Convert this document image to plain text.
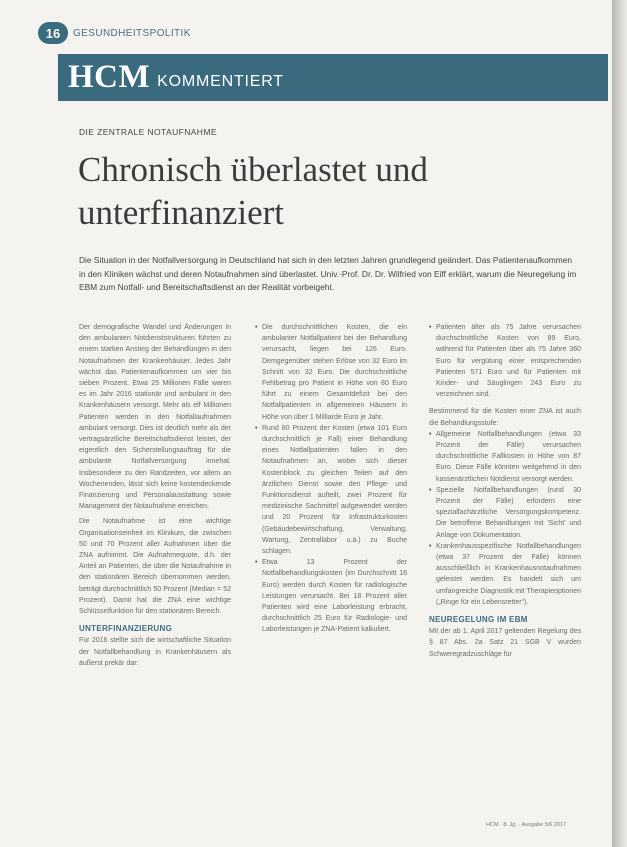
16	GESUNDHEITSPOLITIK
HCM KOMMENTIERT
DIE ZENTRALE NOTAUFNAHME
Chronisch überlastet und unterfinanziert

Die Situation in der Notfallversorgung in Deutschland hat sich in den letzten Jahren grundlegend geändert. Das Patientenaufkommen in den Kliniken wächst und deren Notaufnahmen sind überlastet. Univ.-Prof. Dr. Dr. Wilfried von Eiff erklärt, warum die Neuregelung im EBM zum Notfall- und Bereitschaftsdienst an der Realität vorbeigeht.

Der demografische Wandel und Änderungen in den ambulanten Notdienststrukturen führten zu einem starken Anstieg der Behandlungen in den Notaufnahmen der Krankenhäuser. Jedes Jahr wächst das Patientenaufkommen um vier bis sieben Prozent. Etwa 25 Millionen Fälle waren es im Jahr 2016 stationär und ambulant in den Krankenhäusern versorgt. Mehr als elf Millionen Patienten werden in den Notfallaufnahmen ambulant versorgt. Dies ist deutlich mehr als der vertragsärztliche Bereitschaftsdienst leistet, der eigentlich den Sicherstellungsauftrag für die ambulante Notfallversorgung innehat. Insbesondere zu den Randzeiten, vor allem an Wochenenden, lässt sich keine kostendeckende Finanzierung und Personalausstattung sowie Management der Notaufnahme erreichen.

Die Notaufnahme ist eine wichtige Organisationseinheit im Klinikum, die zwischen 50 und 70 Prozent aller Aufnahmen über die ZNA aufnimmt. Die Aufnahmequote, d.h. der Anteil an Patienten, die über die Notaufnahme in den stationären Bereich übernommen werden, beträgt durchschnittlich 50 Prozent (Median = 52 Prozent). Damit hat die ZNA eine wichtige Schlüsselfunktion für den stationären Bereich.

UNTERFINANZIERUNG

Für 2016 stellte sich die wirtschaftliche Situation der Notfallbehandlung in Krankenhäusern als äußerst prekär dar:

• Die durchschnittlichen Kosten, die ein ambulanter Notfallpatient bei der Behandlung verursacht, liegen bei 126 Euro. Demgegenüber stehen Erlöse von 32 Euro im Schnitt von 32 Euro. Die durchschnittliche Fehlbetrag pro Patient in Höhe von 80 Euro führt zu einem Gesamtdefizit bei den Notfallpatienten in allgemeinen Häusern in Höhe von über 1 Milliarde Euro je Jahr.
• Rund 80 Prozent der Kosten (etwa 101 Euro durchschnittlich je Fall) einer Behandlung eines Notfallpatienten fallen in den Notaufnahmen an, wobei sich dieser Kostenblock zu gleichen Teilen auf den ärztlichen Dienst sowie den Pflege- und Funktionsdienst aufteilt, zwei Prozent für medizinische Sachmittel aufgewendet werden und 20 Prozent für Infrastrukturkosten (Gebäudebewirtschaftung, Verwaltung, Wartung, Zentrallabor u.ä.) zu Buche schlagen.
• Etwa 13 Prozent der Notfallbehandlungskosten (im Durchschnitt 16 Euro) werden durch Kosten für radiologische Leistungen verursacht. Bei 18 Prozent aller Patienten wird eine Laborleistung erbracht, durchschnittlich 25 Euro für Radiologie- und Laborleistungen je ZNA-Patient kalkuliert.
• Patienten älter als 75 Jahre verursachen durchschnittliche Kosten von 89 Euro, während für Patienten über als 75 Jahre 360 Euro für vergütung einer entsprechenden Patienten 571 Euro und für Patienten mit Kinder- und Säuglingen 243 Euro zu verzeichnen sind.

Bestimmend für die Kosten einer ZNA ist auch die Behandlungsstufe:

• Allgemeine Notfallbehandlungen (etwa 33 Prozent der Fälle) verursachen durchschnittliche Fallkosten in Höhe von 87 Euro. Diese Fälle könnten weitgehend in den kassenärztlichen Notdienst versorgt werden.
• Spezielle Notfallbehandlungen (rund 30 Prozent der Fälle) erfordern eine spezialfachärztliche Versorgungskompetenz. Die betroffene Behandlungen mit 'Sicht' und Anlage von Dokumentation.
• Krankenhausspezifische Notfallbehandlungen (etwa 37 Prozent der Fälle) können ausschließlich in Krankenhausnotaufnahmen geleistet werden. Es handelt sich um umfangreiche Diagnostik mit Therapieoptionen („Ringe für ein Lebensretter“).
NEUREGELUNG IM EBM

Mit der ab 1. April 2017 geltenden Regelung des § 87 Abs. 2a Satz 21 SGB V wurden Schweregradzuschläge für

HCM · 8. Jg. · Ausgabe 5/6 2017
